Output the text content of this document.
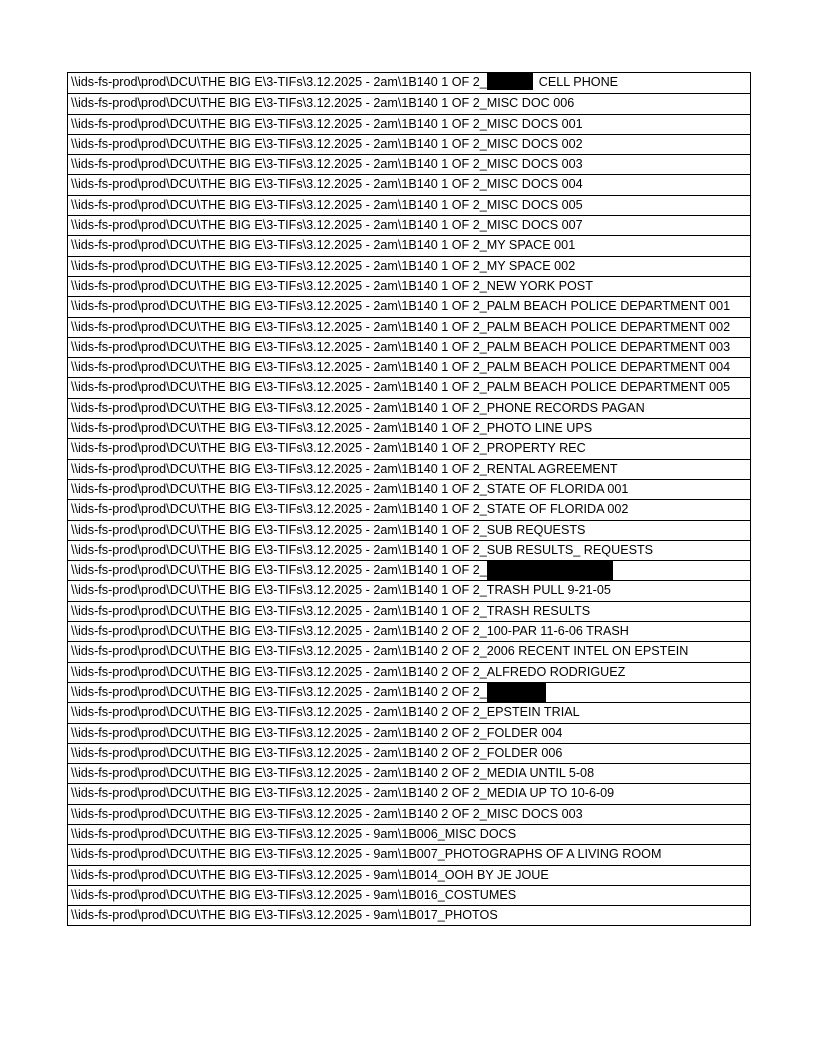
\\ids-fs-prod\prod\DCU\THE BIG E\3-TIFs\3.12.2025 - 2am\1B140 1 OF 2_	CELL PHONE
\\ids-fs-prod\prod\DCU\THE BIG E\3-TIFs\3.12.2025 - 2am\1B140 1 OF 2_MISC DOC 006
\\ids-fs-prod\prod\DCU\THE BIG E\3-TIFs\3.12.2025 - 2am\1B140 1 OF 2_MISC DOCS 001
\\ids-fs-prod\prod\DCU\THE BIG E\3-TIFs\3.12.2025 - 2am\1B140 1 OF 2_MISC DOCS 002
\\ids-fs-prod\prod\DCU\THE BIG E\3-TIFs\3.12.2025 - 2am\1B140 1 OF 2_MISC DOCS 003
\\ids-fs-prod\prod\DCU\THE BIG E\3-TIFs\3.12.2025 - 2am\1B140 1 OF 2_MISC DOCS 004
\\ids-fs-prod\prod\DCU\THE BIG E\3-TIFs\3.12.2025 - 2am\1B140 1 OF 2_MISC DOCS 005
\\ids-fs-prod\prod\DCU\THE BIG E\3-TIFs\3.12.2025 - 2am\1B140 1 OF 2_MISC DOCS 007
\\ids-fs-prod\prod\DCU\THE BIG E\3-TIFs\3.12.2025 - 2am\1B140 1 OF 2_MY SPACE 001
\\ids-fs-prod\prod\DCU\THE BIG E\3-TIFs\3.12.2025 - 2am\1B140 1 OF 2_MY SPACE 002
\\ids-fs-prod\prod\DCU\THE BIG E\3-TIFs\3.12.2025 - 2am\1B140 1 OF 2_NEW YORK POST
\\ids-fs-prod\prod\DCU\THE BIG E\3-TIFs\3.12.2025 - 2am\1B140 1 OF 2_PALM BEACH POLICE DEPARTMENT 001
\\ids-fs-prod\prod\DCU\THE BIG E\3-TIFs\3.12.2025 - 2am\1B140 1 OF 2_PALM BEACH POLICE DEPARTMENT 002
\\ids-fs-prod\prod\DCU\THE BIG E\3-TIFs\3.12.2025 - 2am\1B140 1 OF 2_PALM BEACH POLICE DEPARTMENT 003
\\ids-fs-prod\prod\DCU\THE BIG E\3-TIFs\3.12.2025 - 2am\1B140 1 OF 2_PALM BEACH POLICE DEPARTMENT 004
\\ids-fs-prod\prod\DCU\THE BIG E\3-TIFs\3.12.2025 - 2am\1B140 1 OF 2_PALM BEACH POLICE DEPARTMENT 005
\\ids-fs-prod\prod\DCU\THE BIG E\3-TIFs\3.12.2025 - 2am\1B140 1 OF 2_PHONE RECORDS PAGAN
\\ids-fs-prod\prod\DCU\THE BIG E\3-TIFs\3.12.2025 - 2am\1B140 1 OF 2_PHOTO LINE UPS
\\ids-fs-prod\prod\DCU\THE BIG E\3-TIFs\3.12.2025 - 2am\1B140 1 OF 2_PROPERTY REC
\\ids-fs-prod\prod\DCU\THE BIG E\3-TIFs\3.12.2025 - 2am\1B140 1 OF 2_RENTAL AGREEMENT
\\ids-fs-prod\prod\DCU\THE BIG E\3-TIFs\3.12.2025 - 2am\1B140 1 OF 2_STATE OF FLORIDA 001
\\ids-fs-prod\prod\DCU\THE BIG E\3-TIFs\3.12.2025 - 2am\1B140 1 OF 2_STATE OF FLORIDA 002
\\ids-fs-prod\prod\DCU\THE BIG E\3-TIFs\3.12.2025 - 2am\1B140 1 OF 2_SUB REQUESTS
\\ids-fs-prod\prod\DCU\THE BIG E\3-TIFs\3.12.2025 - 2am\1B140 1 OF 2_SUB RESULTS_ REQUESTS
\\ids-fs-prod\prod\DCU\THE BIG E\3-TIFs\3.12.2025 - 2am\1B140 1 OF 2_
\\ids-fs-prod\prod\DCU\THE BIG E\3-TIFs\3.12.2025 - 2am\1B140 1 OF 2_TRASH PULL 9-21-05
\\ids-fs-prod\prod\DCU\THE BIG E\3-TIFs\3.12.2025 - 2am\1B140 1 OF 2_TRASH RESULTS
\\ids-fs-prod\prod\DCU\THE BIG E\3-TIFs\3.12.2025 - 2am\1B140 2 OF 2_100-PAR 11-6-06 TRASH
\\ids-fs-prod\prod\DCU\THE BIG E\3-TIFs\3.12.2025 - 2am\1B140 2 OF 2_2006 RECENT INTEL ON EPSTEIN
\\ids-fs-prod\prod\DCU\THE BIG E\3-TIFs\3.12.2025 - 2am\1B140 2 OF 2_ALFREDO RODRIGUEZ
\\ids-fs-prod\prod\DCU\THE BIG E\3-TIFs\3.12.2025 - 2am\1B140 2 OF 2_
\\ids-fs-prod\prod\DCU\THE BIG E\3-TIFs\3.12.2025 - 2am\1B140 2 OF 2_EPSTEIN TRIAL
\\ids-fs-prod\prod\DCU\THE BIG E\3-TIFs\3.12.2025 - 2am\1B140 2 OF 2_FOLDER 004
\\ids-fs-prod\prod\DCU\THE BIG E\3-TIFs\3.12.2025 - 2am\1B140 2 OF 2_FOLDER 006
\\ids-fs-prod\prod\DCU\THE BIG E\3-TIFs\3.12.2025 - 2am\1B140 2 OF 2_MEDIA UNTIL 5-08
\\ids-fs-prod\prod\DCU\THE BIG E\3-TIFs\3.12.2025 - 2am\1B140 2 OF 2_MEDIA UP TO 10-6-09
\\ids-fs-prod\prod\DCU\THE BIG E\3-TIFs\3.12.2025 - 2am\1B140 2 OF 2_MISC DOCS 003
\\ids-fs-prod\prod\DCU\THE BIG E\3-TIFs\3.12.2025 - 9am\1B006_MISC DOCS
\\ids-fs-prod\prod\DCU\THE BIG E\3-TIFs\3.12.2025 - 9am\1B007_PHOTOGRAPHS OF A LIVING ROOM
\\ids-fs-prod\prod\DCU\THE BIG E\3-TIFs\3.12.2025 - 9am\1B014_OOH BY JE JOUE
\\ids-fs-prod\prod\DCU\THE BIG E\3-TIFs\3.12.2025 - 9am\1B016_COSTUMES
\\ids-fs-prod\prod\DCU\THE BIG E\3-TIFs\3.12.2025 - 9am\1B017_PHOTOS
